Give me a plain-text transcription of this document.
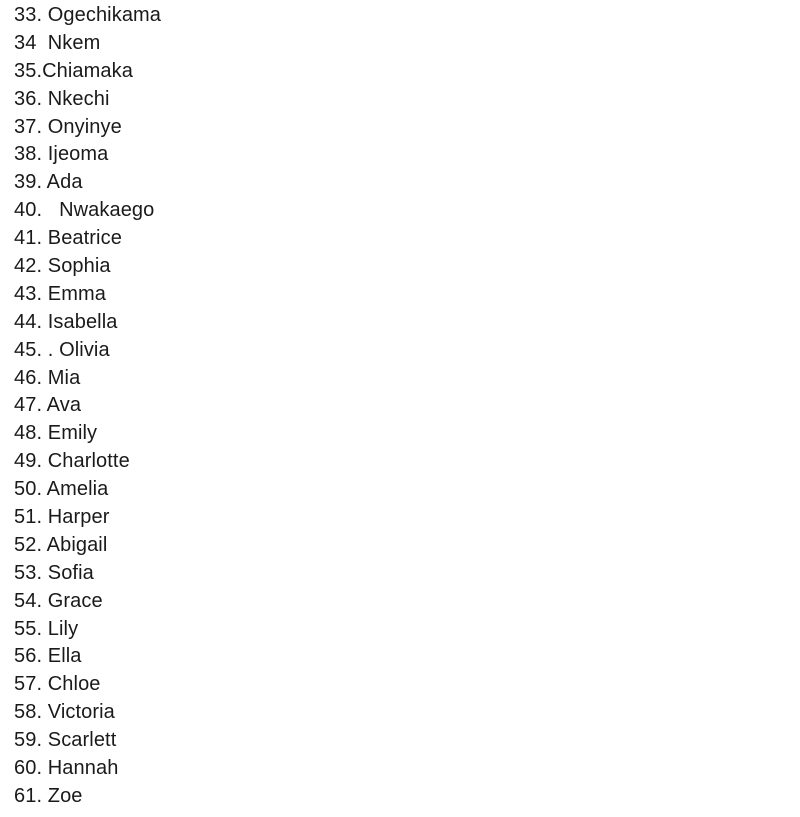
33. Ogechikama
34  Nkem
35.Chiamaka
36. Nkechi
37. Onyinye
38. Ijeoma
39. Ada
40.   Nwakaego
41. Beatrice
42. Sophia
43. Emma
44. Isabella
45. . Olivia
46. Mia
47. Ava
48. Emily
49. Charlotte
50. Amelia
51. Harper
52. Abigail
53. Sofia
54. Grace
55. Lily
56. Ella
57. Chloe
58. Victoria
59. Scarlett
60. Hannah
61. Zoe
